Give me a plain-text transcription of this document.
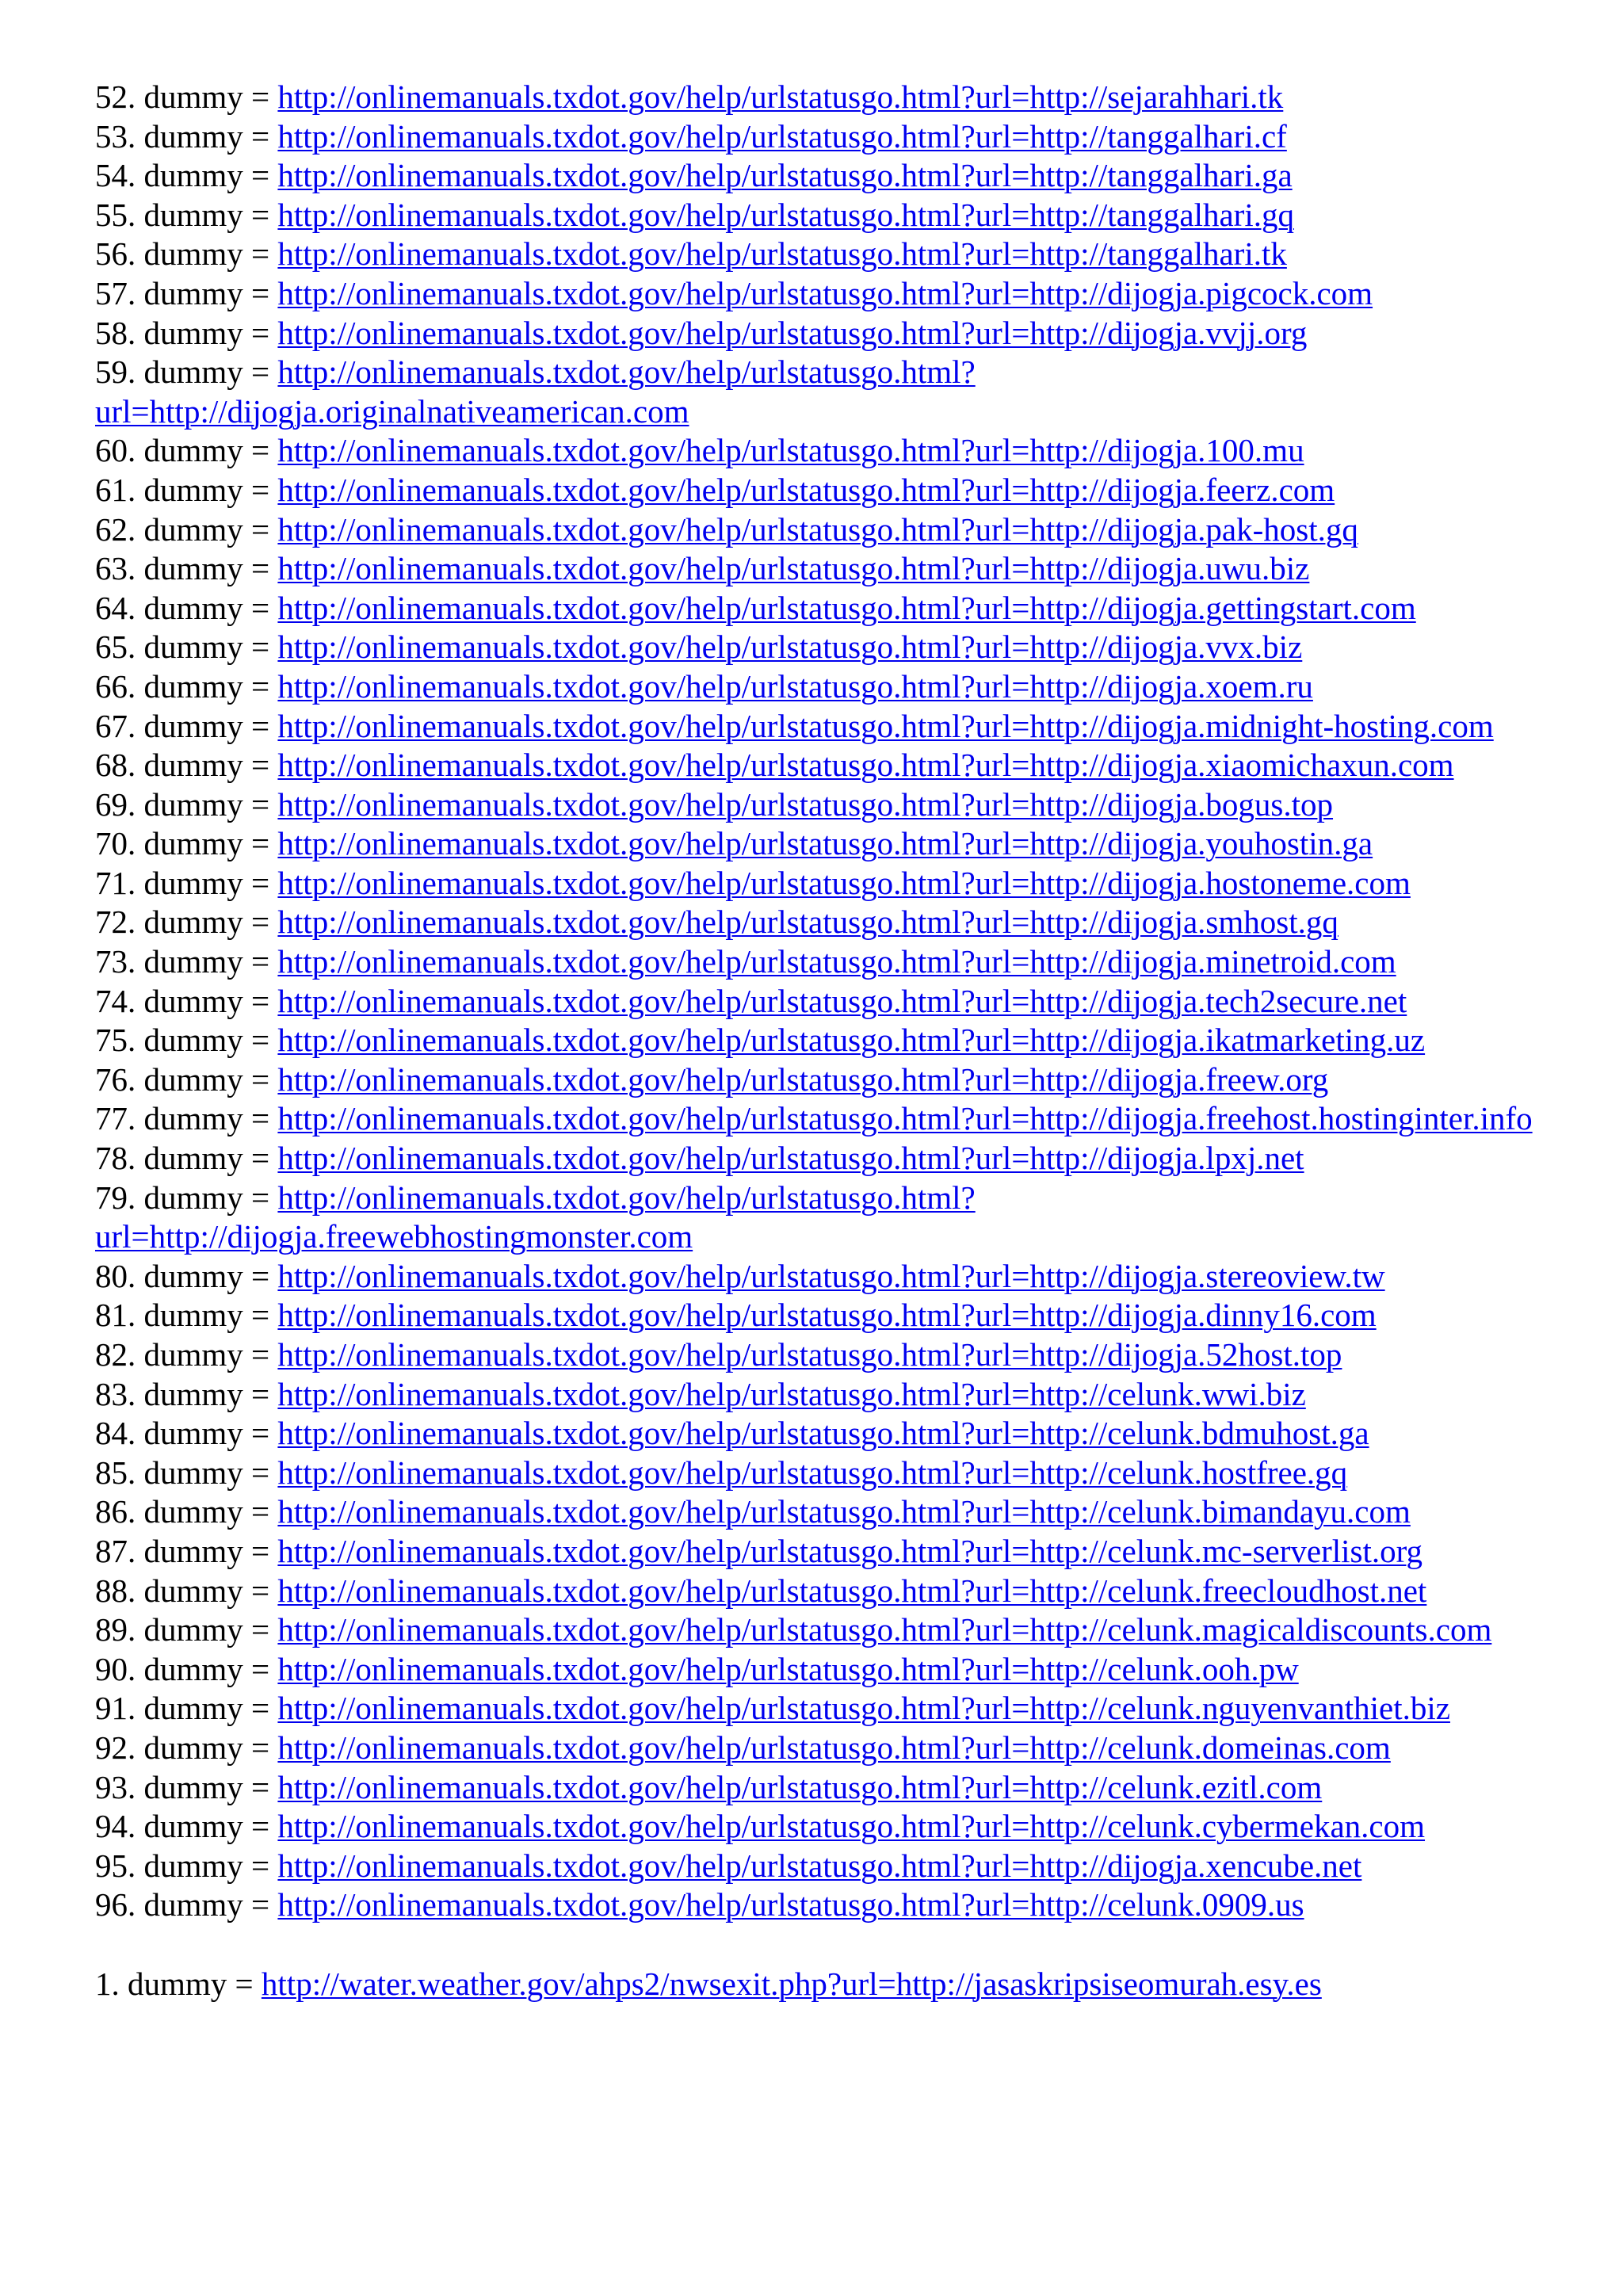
52. dummy = http://onlinemanuals.txdot.gov/help/urlstatusgo.html?url=http://sejarahhari.tk
53. dummy = http://onlinemanuals.txdot.gov/help/urlstatusgo.html?url=http://tanggalhari.cf
54. dummy = http://onlinemanuals.txdot.gov/help/urlstatusgo.html?url=http://tanggalhari.ga
55. dummy = http://onlinemanuals.txdot.gov/help/urlstatusgo.html?url=http://tanggalhari.gq
56. dummy = http://onlinemanuals.txdot.gov/help/urlstatusgo.html?url=http://tanggalhari.tk
57. dummy = http://onlinemanuals.txdot.gov/help/urlstatusgo.html?url=http://dijogja.pigcock.com
58. dummy = http://onlinemanuals.txdot.gov/help/urlstatusgo.html?url=http://dijogja.vvjj.org
59. dummy = http://onlinemanuals.txdot.gov/help/urlstatusgo.html?url=http://dijogja.originalnativeamerican.com
60. dummy = http://onlinemanuals.txdot.gov/help/urlstatusgo.html?url=http://dijogja.100.mu
61. dummy = http://onlinemanuals.txdot.gov/help/urlstatusgo.html?url=http://dijogja.feerz.com
62. dummy = http://onlinemanuals.txdot.gov/help/urlstatusgo.html?url=http://dijogja.pak-host.gq
63. dummy = http://onlinemanuals.txdot.gov/help/urlstatusgo.html?url=http://dijogja.uwu.biz
64. dummy = http://onlinemanuals.txdot.gov/help/urlstatusgo.html?url=http://dijogja.gettingstart.com
65. dummy = http://onlinemanuals.txdot.gov/help/urlstatusgo.html?url=http://dijogja.vvx.biz
66. dummy = http://onlinemanuals.txdot.gov/help/urlstatusgo.html?url=http://dijogja.xoem.ru
67. dummy = http://onlinemanuals.txdot.gov/help/urlstatusgo.html?url=http://dijogja.midnight-hosting.com
68. dummy = http://onlinemanuals.txdot.gov/help/urlstatusgo.html?url=http://dijogja.xiaomichaxun.com
69. dummy = http://onlinemanuals.txdot.gov/help/urlstatusgo.html?url=http://dijogja.bogus.top
70. dummy = http://onlinemanuals.txdot.gov/help/urlstatusgo.html?url=http://dijogja.youhostin.ga
71. dummy = http://onlinemanuals.txdot.gov/help/urlstatusgo.html?url=http://dijogja.hostoneme.com
72. dummy = http://onlinemanuals.txdot.gov/help/urlstatusgo.html?url=http://dijogja.smhost.gq
73. dummy = http://onlinemanuals.txdot.gov/help/urlstatusgo.html?url=http://dijogja.minetroid.com
74. dummy = http://onlinemanuals.txdot.gov/help/urlstatusgo.html?url=http://dijogja.tech2secure.net
75. dummy = http://onlinemanuals.txdot.gov/help/urlstatusgo.html?url=http://dijogja.ikatmarketing.uz
76. dummy = http://onlinemanuals.txdot.gov/help/urlstatusgo.html?url=http://dijogja.freew.org
77. dummy = http://onlinemanuals.txdot.gov/help/urlstatusgo.html?url=http://dijogja.freehost.hostinginter.info
78. dummy = http://onlinemanuals.txdot.gov/help/urlstatusgo.html?url=http://dijogja.lpxj.net
79. dummy = http://onlinemanuals.txdot.gov/help/urlstatusgo.html?url=http://dijogja.freewebhostingmonster.com
80. dummy = http://onlinemanuals.txdot.gov/help/urlstatusgo.html?url=http://dijogja.stereoview.tw
81. dummy = http://onlinemanuals.txdot.gov/help/urlstatusgo.html?url=http://dijogja.dinny16.com
82. dummy = http://onlinemanuals.txdot.gov/help/urlstatusgo.html?url=http://dijogja.52host.top
83. dummy = http://onlinemanuals.txdot.gov/help/urlstatusgo.html?url=http://celunk.wwi.biz
84. dummy = http://onlinemanuals.txdot.gov/help/urlstatusgo.html?url=http://celunk.bdmuhost.ga
85. dummy = http://onlinemanuals.txdot.gov/help/urlstatusgo.html?url=http://celunk.hostfree.gq
86. dummy = http://onlinemanuals.txdot.gov/help/urlstatusgo.html?url=http://celunk.bimandayu.com
87. dummy = http://onlinemanuals.txdot.gov/help/urlstatusgo.html?url=http://celunk.mc-serverlist.org
88. dummy = http://onlinemanuals.txdot.gov/help/urlstatusgo.html?url=http://celunk.freecloudhost.net
89. dummy = http://onlinemanuals.txdot.gov/help/urlstatusgo.html?url=http://celunk.magicaldiscounts.com
90. dummy = http://onlinemanuals.txdot.gov/help/urlstatusgo.html?url=http://celunk.ooh.pw
91. dummy = http://onlinemanuals.txdot.gov/help/urlstatusgo.html?url=http://celunk.nguyenvanthiet.biz
92. dummy = http://onlinemanuals.txdot.gov/help/urlstatusgo.html?url=http://celunk.domeinas.com
93. dummy = http://onlinemanuals.txdot.gov/help/urlstatusgo.html?url=http://celunk.ezitl.com
94. dummy = http://onlinemanuals.txdot.gov/help/urlstatusgo.html?url=http://celunk.cybermekan.com
95. dummy = http://onlinemanuals.txdot.gov/help/urlstatusgo.html?url=http://dijogja.xencube.net
96. dummy = http://onlinemanuals.txdot.gov/help/urlstatusgo.html?url=http://celunk.0909.us
1. dummy = http://water.weather.gov/ahps2/nwsexit.php?url=http://jasaskripsiseomurah.esy.es
